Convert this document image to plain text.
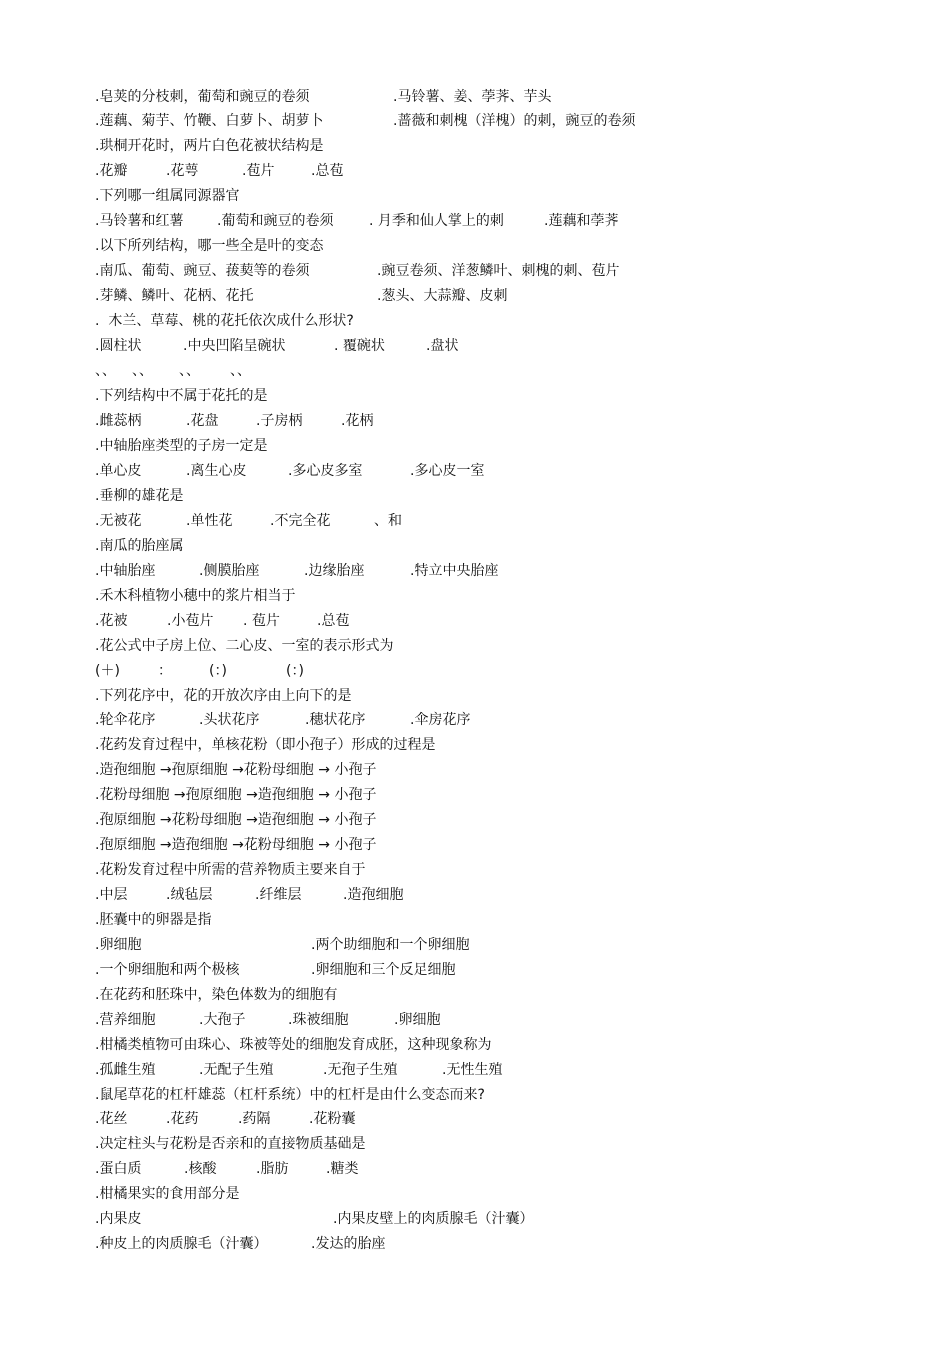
.皂荚的分枝刺，葡萄和豌豆的卷须	.马铃薯、姜、荸荠、芋头
.莲藕、菊芋、竹鞭、白萝卜、胡萝卜	.蔷薇和刺槐（洋槐）的刺，豌豆的卷须
.珙桐开花时，两片白色花被状结构是
.花瓣	.花萼	.苞片	.总苞
.下列哪一组属同源器官
.马铃薯和红薯 .葡萄和豌豆的卷须	. 月季和仙人掌上的刺	.莲藕和荸荠
.以下所列结构，哪一些全是叶的变态
.南瓜、葡萄、豌豆、菝葜等的卷须	.豌豆卷须、洋葱鳞叶、刺槐的刺、苞片
.芽鳞、鳞叶、花柄、花托	.葱头、大蒜瓣、皮刺
.  木兰、草莓、桃的花托依次成什么形状?
.圆柱状	.中央凹陷呈碗状	. 覆碗状	.盘状
、、 、、 、、 、、
.下列结构中不属于花托的是
.雌蕊柄	.花盘	.子房柄	.花柄
.中轴胎座类型的子房一定是
.单心皮	.离生心皮	.多心皮多室	.多心皮一室
.垂柳的雄花是
.无被花	.单性花	.不完全花	、和
.南瓜的胎座属
.中轴胎座	.侧膜胎座	.边缘胎座	.特立中央胎座
.禾木科植物小穗中的浆片相当于
.花被	.小苞片 . 苞片	.总苞
.花公式中子房上位、二心皮、一室的表示形式为
(＋)	：	(：)	(：)
.下列花序中，花的开放次序由上向下的是
.轮伞花序	.头状花序	.穗状花序	.伞房花序
.花药发育过程中，单核花粉（即小孢子）形成的过程是
.造孢细胞 →孢原细胞 →花粉母细胞 → 小孢子
.花粉母细胞 →孢原细胞 →造孢细胞 → 小孢子
.孢原细胞 →花粉母细胞 →造孢细胞 → 小孢子
.孢原细胞 →造孢细胞 →花粉母细胞 → 小孢子
.花粉发育过程中所需的营养物质主要来自于
.中层	.绒毡层	.纤维层	.造孢细胞
.胚囊中的卵器是指
.卵细胞	.两个助细胞和一个卵细胞
.一个卵细胞和两个极核	.卵细胞和三个反足细胞
.在花药和胚珠中，染色体数为的细胞有
.营养细胞	.大孢子	.珠被细胞	.卵细胞
.柑橘类植物可由珠心、珠被等处的细胞发育成胚，这种现象称为
.孤雌生殖	.无配子生殖	.无孢子生殖	.无性生殖
.鼠尾草花的杠杆雄蕊（杠杆系统）中的杠杆是由什么变态而来?
.花丝	.花药	.药隔	.花粉囊
.决定柱头与花粉是否亲和的直接物质基础是
.蛋白质	.核酸	.脂肪	.糖类
.柑橘果实的食用部分是
.内果皮	.内果皮壁上的肉质腺毛（汁囊）
.种皮上的肉质腺毛（汁囊）	.发达的胎座
